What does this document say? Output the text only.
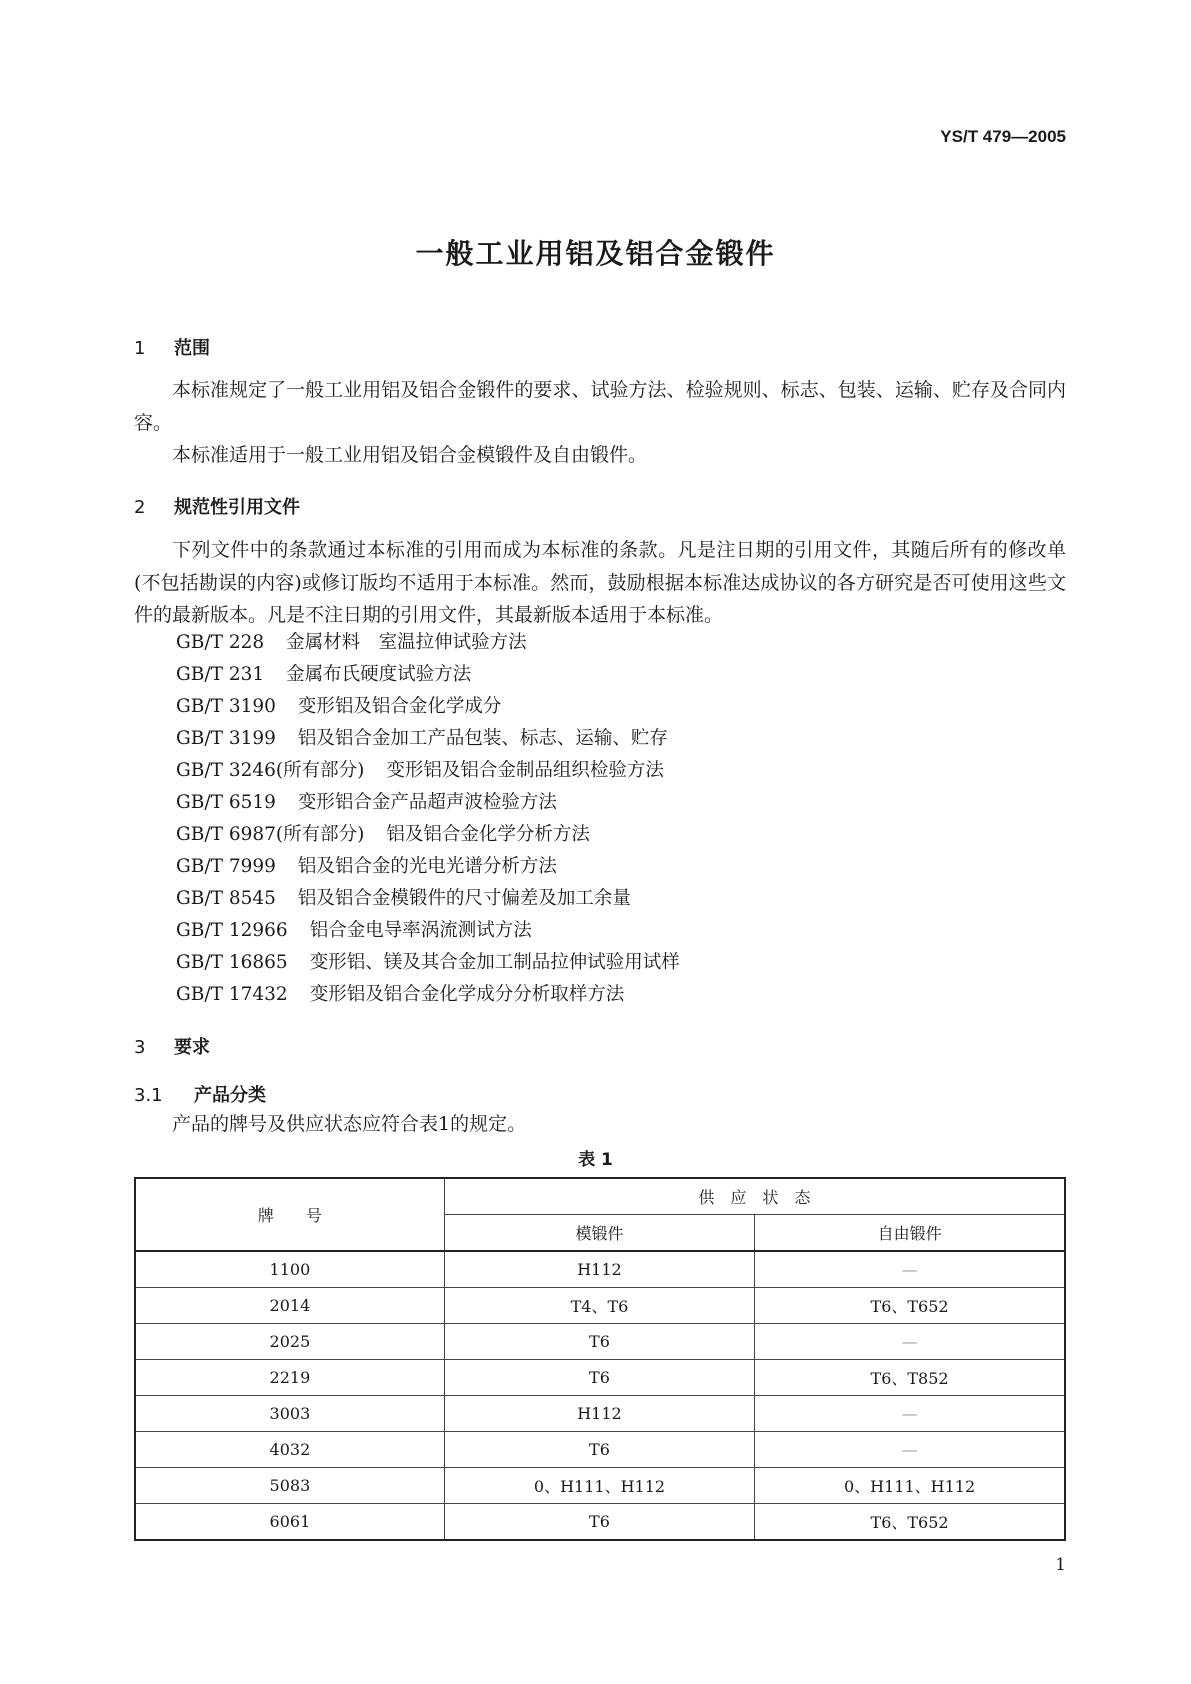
YS/T 479—2005
一般工业用铝及铝合金锻件
1 范围
本标准规定了一般工业用铝及铝合金锻件的要求、试验方法、检验规则、标志、包装、运输、贮存及合同内容。
本标准适用于一般工业用铝及铝合金模锻件及自由锻件。
2 规范性引用文件
下列文件中的条款通过本标准的引用而成为本标准的条款。凡是注日期的引用文件，其随后所有的修改单(不包括勘误的内容)或修订版均不适用于本标准。然而，鼓励根据本标准达成协议的各方研究是否可使用这些文件的最新版本。凡是不注日期的引用文件，其最新版本适用于本标准。
GB/T 228 金属材料　室温拉伸试验方法
GB/T 231 金属布氏硬度试验方法
GB/T 3190 变形铝及铝合金化学成分
GB/T 3199 铝及铝合金加工产品包装、标志、运输、贮存
GB/T 3246(所有部分) 变形铝及铝合金制品组织检验方法
GB/T 6519 变形铝合金产品超声波检验方法
GB/T 6987(所有部分) 铝及铝合金化学分析方法
GB/T 7999 铝及铝合金的光电光谱分析方法
GB/T 8545 铝及铝合金模锻件的尺寸偏差及加工余量
GB/T 12966 铝合金电导率涡流测试方法
GB/T 16865 变形铝、镁及其合金加工制品拉伸试验用试样
GB/T 17432 变形铝及铝合金化学成分分析取样方法
3 要求
3.1 产品分类
产品的牌号及供应状态应符合表1的规定。
表 1
牌　　号	供　应　状　态	
	模锻件	自由锻件
1100	H112	—
2014	T4、T6	T6、T652
2025	T6	—
2219	T6	T6、T852
3003	H112	—
4032	T6	—
5083	0、H111、H112	0、H111、H112
6061	T6	T6、T652
1
